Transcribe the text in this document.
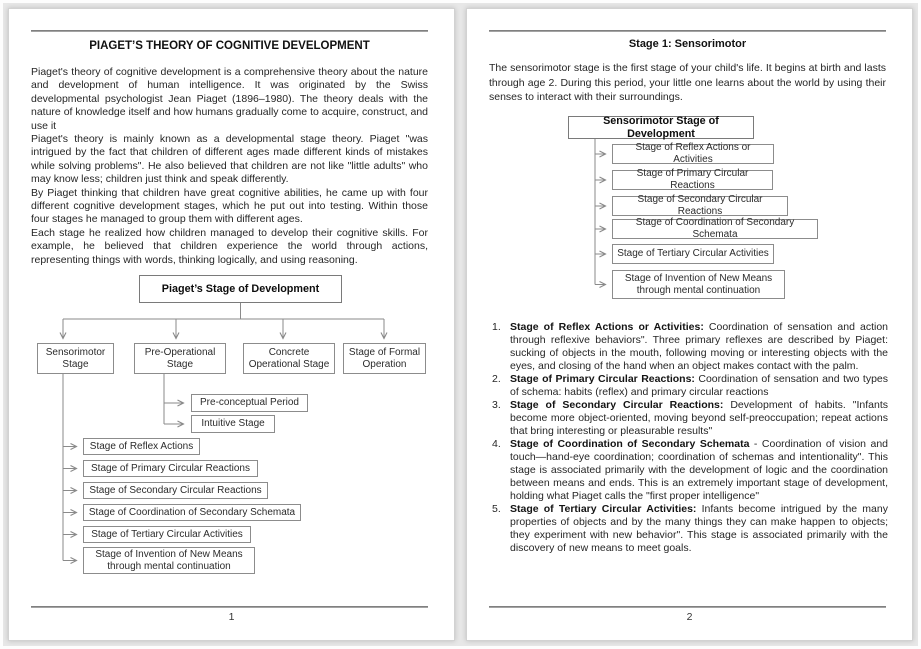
PIAGET’S THEORY OF COGNITIVE DEVELOPMENT

Piaget's theory of cognitive development is a comprehensive theory about the nature and development of human intelligence. It was originated by the Swiss developmental psychologist Jean Piaget (1896–1980). The theory deals with the nature of knowledge itself and how humans gradually come to acquire, construct, and use it

Piaget's theory is mainly known as a developmental stage theory. Piaget "was intrigued by the fact that children of different ages made different kinds of mistakes while solving problems". He also believed that children are not like "little adults" who may know less; children just think and speak differently.

By Piaget thinking that children have great cognitive abilities, he came up with four different cognitive development stages, which he put out into testing. Within those four stages he managed to group them with different ages.

Each stage he realized how children managed to develop their cognitive skills. For example, he believed that children experience the world through actions, representing things with words, thinking logically, and using reasoning.

Piaget’s Stage of Development
Sensorimotor Stage
Pre-Operational Stage
Concrete Operational Stage
Stage of Formal Operation
Pre-conceptual Period
Intuitive Stage
Stage of Reflex Actions
Stage of Primary Circular Reactions
Stage of Secondary Circular Reactions
Stage of Coordination of Secondary Schemata
Stage of Tertiary Circular Activities
Stage of Invention of New Means through mental continuation
1
Stage 1: Sensorimotor

The sensorimotor stage is the first stage of your child's life. It begins at birth and lasts through age 2. During this period, your little one learns about the world by using their senses to interact with their surroundings.

Sensorimotor Stage of Development
Stage of Reflex Actions or Activities
Stage of Primary Circular Reactions
Stage of Secondary Circular Reactions
Stage of Coordination of Secondary Schemata
Stage of Tertiary Circular Activities
Stage of Invention of New Means through mental continuation
1. Stage of Reflex Actions or Activities: Coordination of sensation and action through reflexive behaviors". Three primary reflexes are described by Piaget: sucking of objects in the mouth, following moving or interesting objects with the eyes, and closing of the hand when an object makes contact with the palm.
2. Stage of Primary Circular Reactions: Coordination of sensation and two types of schema: habits (reflex) and primary circular reactions
3. Stage of Secondary Circular Reactions: Development of habits. "Infants become more object-oriented, moving beyond self-preoccupation; repeat actions that bring interesting or pleasurable results"
4. Stage of Coordination of Secondary Schemata - Coordination of vision and touch—hand-eye coordination; coordination of schemas and intentionality". This stage is associated primarily with the development of logic and the coordination between means and ends. This is an extremely important stage of development, holding what Piaget calls the "first proper intelligence"
5. Stage of Tertiary Circular Activities: Infants become intrigued by the many properties of objects and by the many things they can make happen to objects; they experiment with new behavior". This stage is associated primarily with the discovery of new means to meet goals.
2
